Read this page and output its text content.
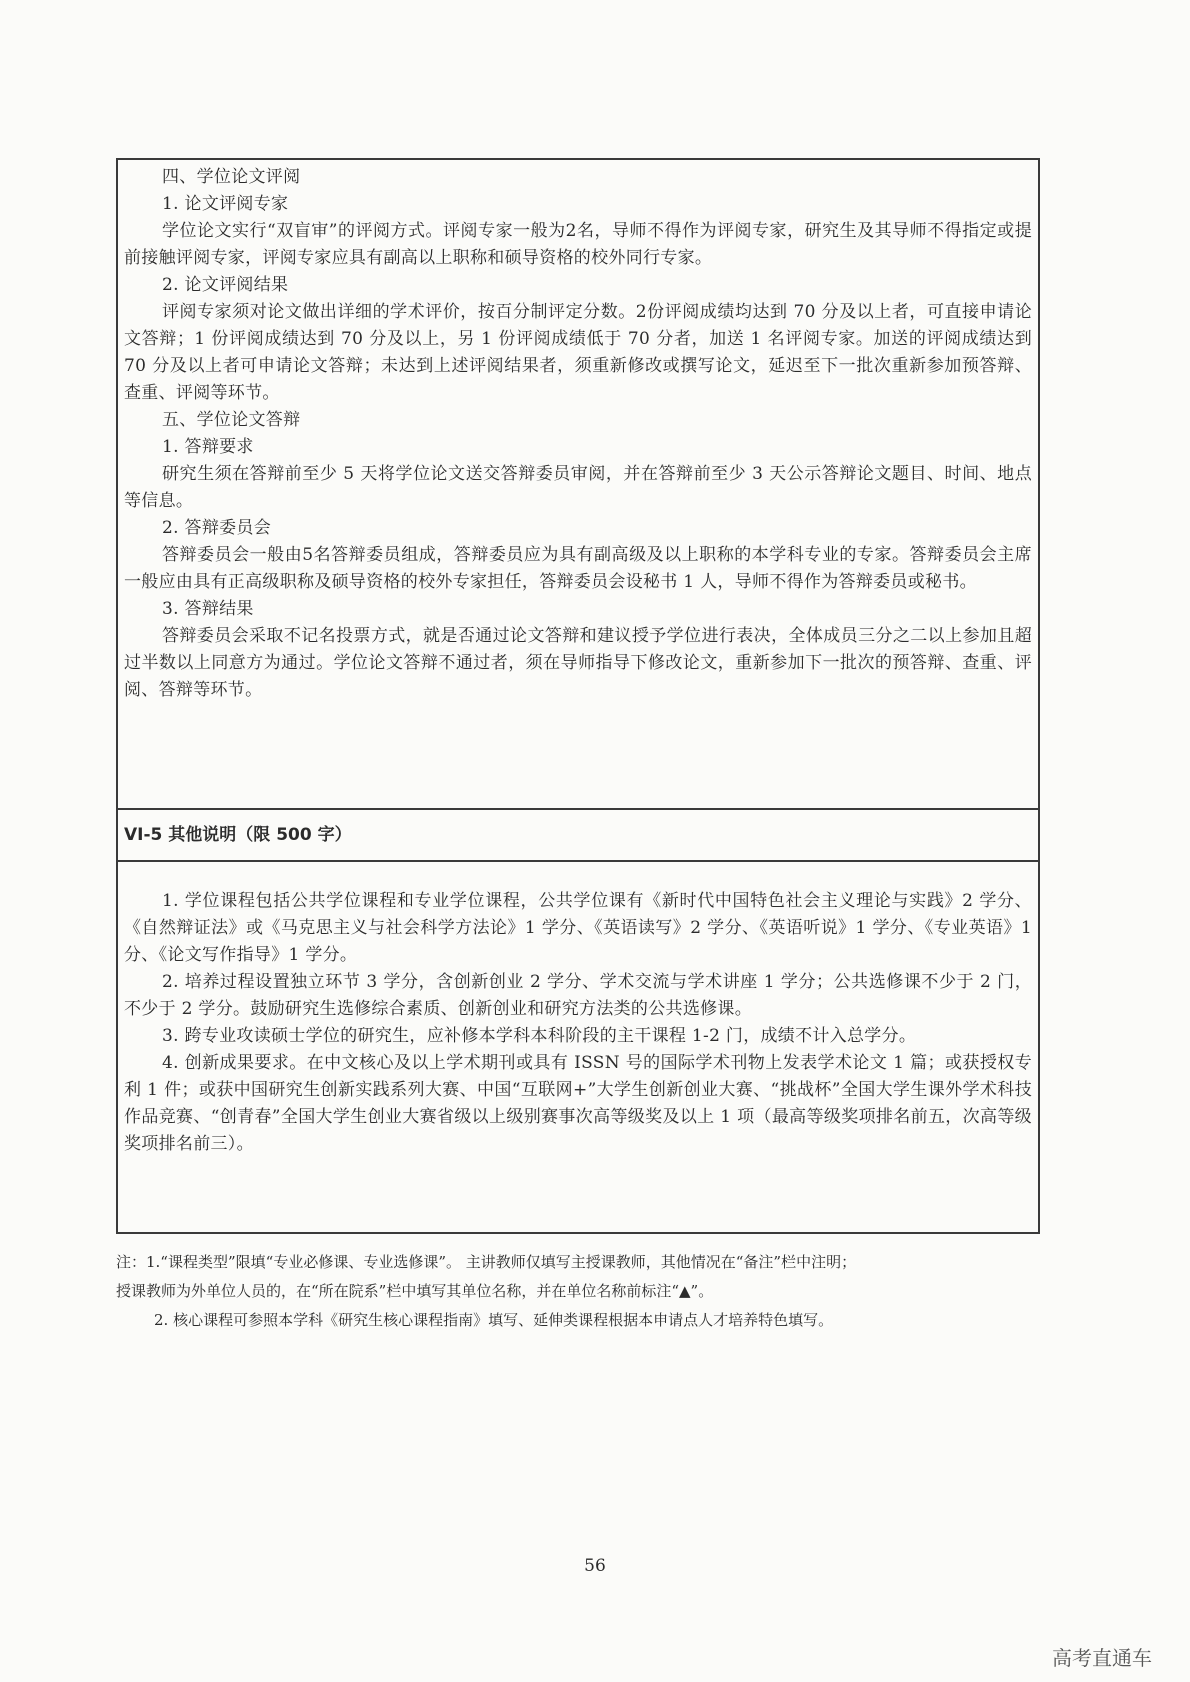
四、学位论文评阅

1. 论文评阅专家

学位论文实行“双盲审”的评阅方式。评阅专家一般为2名，导师不得作为评阅专家，研究生及其导师不得指定或提前接触评阅专家，评阅专家应具有副高以上职称和硕导资格的校外同行专家。

2. 论文评阅结果

评阅专家须对论文做出详细的学术评价，按百分制评定分数。2份评阅成绩均达到 70 分及以上者，可直接申请论文答辩；1 份评阅成绩达到 70 分及以上，另 1 份评阅成绩低于 70 分者，加送 1 名评阅专家。加送的评阅成绩达到 70 分及以上者可申请论文答辩；未达到上述评阅结果者，须重新修改或撰写论文，延迟至下一批次重新参加预答辩、查重、评阅等环节。

五、学位论文答辩

1. 答辩要求

研究生须在答辩前至少 5 天将学位论文送交答辩委员审阅，并在答辩前至少 3 天公示答辩论文题目、时间、地点等信息。

2. 答辩委员会

答辩委员会一般由5名答辩委员组成，答辩委员应为具有副高级及以上职称的本学科专业的专家。答辩委员会主席一般应由具有正高级职称及硕导资格的校外专家担任，答辩委员会设秘书 1 人，导师不得作为答辩委员或秘书。

3. 答辩结果

答辩委员会采取不记名投票方式，就是否通过论文答辩和建议授予学位进行表决，全体成员三分之二以上参加且超过半数以上同意方为通过。学位论文答辩不通过者，须在导师指导下修改论文，重新参加下一批次的预答辩、查重、评阅、答辩等环节。

VI-5 其他说明（限 500 字）

1. 学位课程包括公共学位课程和专业学位课程，公共学位课有《新时代中国特色社会主义理论与实践》2 学分、《自然辩证法》或《马克思主义与社会科学方法论》1 学分、《英语读写》2 学分、《英语听说》1 学分、《专业英语》1 分、《论文写作指导》1 学分。

2. 培养过程设置独立环节 3 学分，含创新创业 2 学分、学术交流与学术讲座 1 学分；公共选修课不少于 2 门，不少于 2 学分。鼓励研究生选修综合素质、创新创业和研究方法类的公共选修课。

3. 跨专业攻读硕士学位的研究生，应补修本学科本科阶段的主干课程 1-2 门，成绩不计入总学分。

4. 创新成果要求。在中文核心及以上学术期刊或具有 ISSN 号的国际学术刊物上发表学术论文 1 篇；或获授权专利 1 件；或获中国研究生创新实践系列大赛、中国“互联网+”大学生创新创业大赛、“挑战杯”全国大学生课外学术科技作品竞赛、“创青春”全国大学生创业大赛省级以上级别赛事次高等级奖及以上 1 项（最高等级奖项排名前五，次高等级奖项排名前三）。

注：1.“课程类型”限填“专业必修课、专业选修课”。 主讲教师仅填写主授课教师，其他情况在“备注”栏中注明；

授课教师为外单位人员的，在“所在院系”栏中填写其单位名称，并在单位名称前标注“▲”。

2. 核心课程可参照本学科《研究生核心课程指南》填写、延伸类课程根据本申请点人才培养特色填写。

56
高考直通车
